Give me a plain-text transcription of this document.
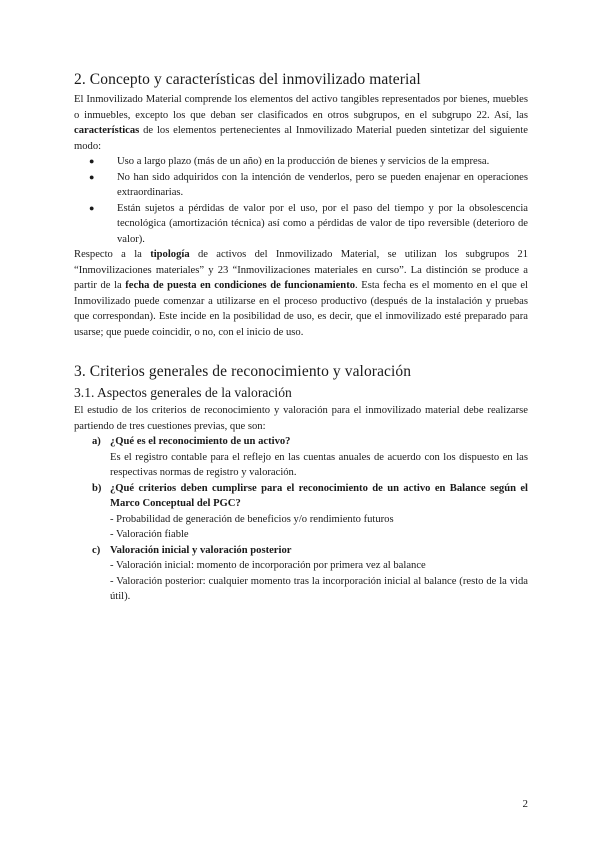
2. Concepto y características del inmovilizado material

El Inmovilizado Material comprende los elementos del activo tangibles representados por bienes, muebles o inmuebles, excepto los que deban ser clasificados en otros subgrupos, en el subgrupo 22. Así, las características de los elementos pertenecientes al Inmovilizado Material pueden sintetizar del siguiente modo:

● Uso a largo plazo (más de un año) en la producción de bienes y servicios de la empresa.
● No han sido adquiridos con la intención de venderlos, pero se pueden enajenar en operaciones extraordinarias.
● Están sujetos a pérdidas de valor por el uso, por el paso del tiempo y por la obsolescencia tecnológica (amortización técnica) así como a pérdidas de valor de tipo reversible (deterioro de valor).

Respecto a la tipología de activos del Inmovilizado Material, se utilizan los subgrupos 21 “Inmovilizaciones materiales” y 23 “Inmovilizaciones materiales en curso”. La distinción se produce a partir de la fecha de puesta en condiciones de funcionamiento. Esta fecha es el momento en el que el Inmovilizado puede comenzar a utilizarse en el proceso productivo (después de la instalación y pruebas que correspondan). Este incide en la posibilidad de uso, es decir, que el inmovilizado esté preparado para usarse; que puede coincidir, o no, con el inicio de uso.

3. Criterios generales de reconocimiento y valoración
3.1. Aspectos generales de la valoración

El estudio de los criterios de reconocimiento y valoración para el inmovilizado material debe realizarse partiendo de tres cuestiones previas, que son:

a) ¿Qué es el reconocimiento de un activo?
Es el registro contable para el reflejo en las cuentas anuales de acuerdo con los dispuesto en las respectivas normas de registro y valoración.
b) ¿Qué criterios deben cumplirse para el reconocimiento de un activo en Balance según el Marco Conceptual del PGC?
- Probabilidad de generación de beneficios y/o rendimiento futuros
- Valoración fiable
c) Valoración inicial y valoración posterior
- Valoración inicial: momento de incorporación por primera vez al balance
- Valoración posterior: cualquier momento tras la incorporación inicial al balance (resto de la vida útil).
2
